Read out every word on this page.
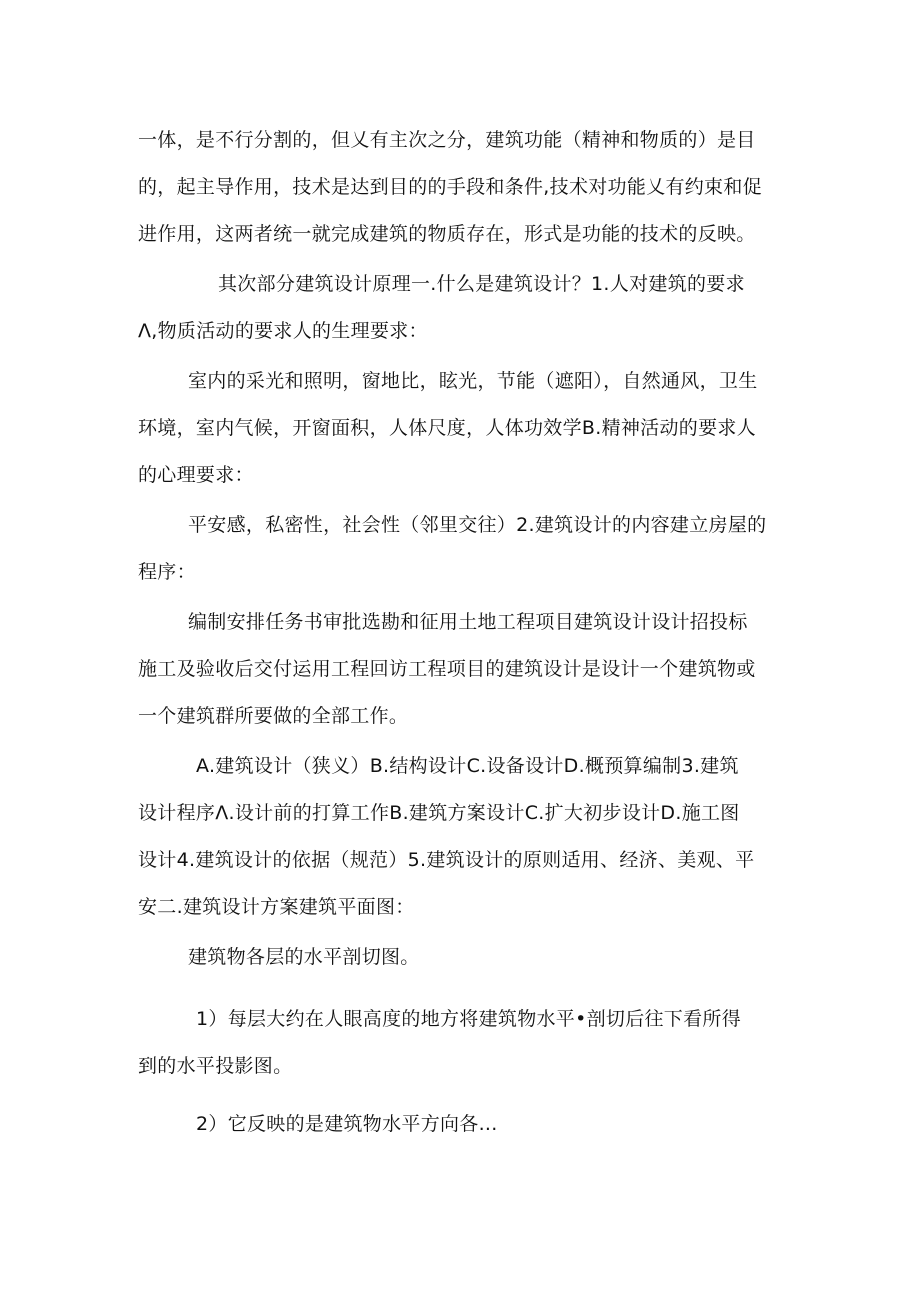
一体，是不行分割的，但乂有主次之分，建筑功能（精神和物质的）是目
的，起主导作用，技术是达到目的的手段和条件,技术对功能乂有约束和促
进作用，这两者统一就完成建筑的物质存在，形式是功能的技术的反映。
其次部分建筑设计原理一.什么是建筑设计？1.人对建筑的要求
Λ,物质活动的要求人的生理要求：
室内的采光和照明，窗地比，眩光，节能（遮阳），自然通风，卫生
环境，室内气候，开窗面积，人体尺度，人体功效学B.精神活动的要求人
的心理要求：
平安感，私密性，社会性（邻里交往）2.建筑设计的内容建立房屋的
程序：
编制安排任务书审批选勘和征用土地工程项目建筑设计设计招投标
施工及验收后交付运用工程回访工程项目的建筑设计是设计一个建筑物或
一个建筑群所要做的全部工作。
A.建筑设计（狭义）B.结构设计C.设备设计D.概预算编制3.建筑
设计程序Λ.设计前的打算工作B.建筑方案设计C.扩大初步设计D.施工图
设计4.建筑设计的依据（规范）5.建筑设计的原则适用、经济、美观、平
安二.建筑设计方案建筑平面图：
建筑物各层的水平剖切图。
1）每层大约在人眼高度的地方将建筑物水平•剖切后往下看所得
到的水平投影图。
2）它反映的是建筑物水平方向各...
